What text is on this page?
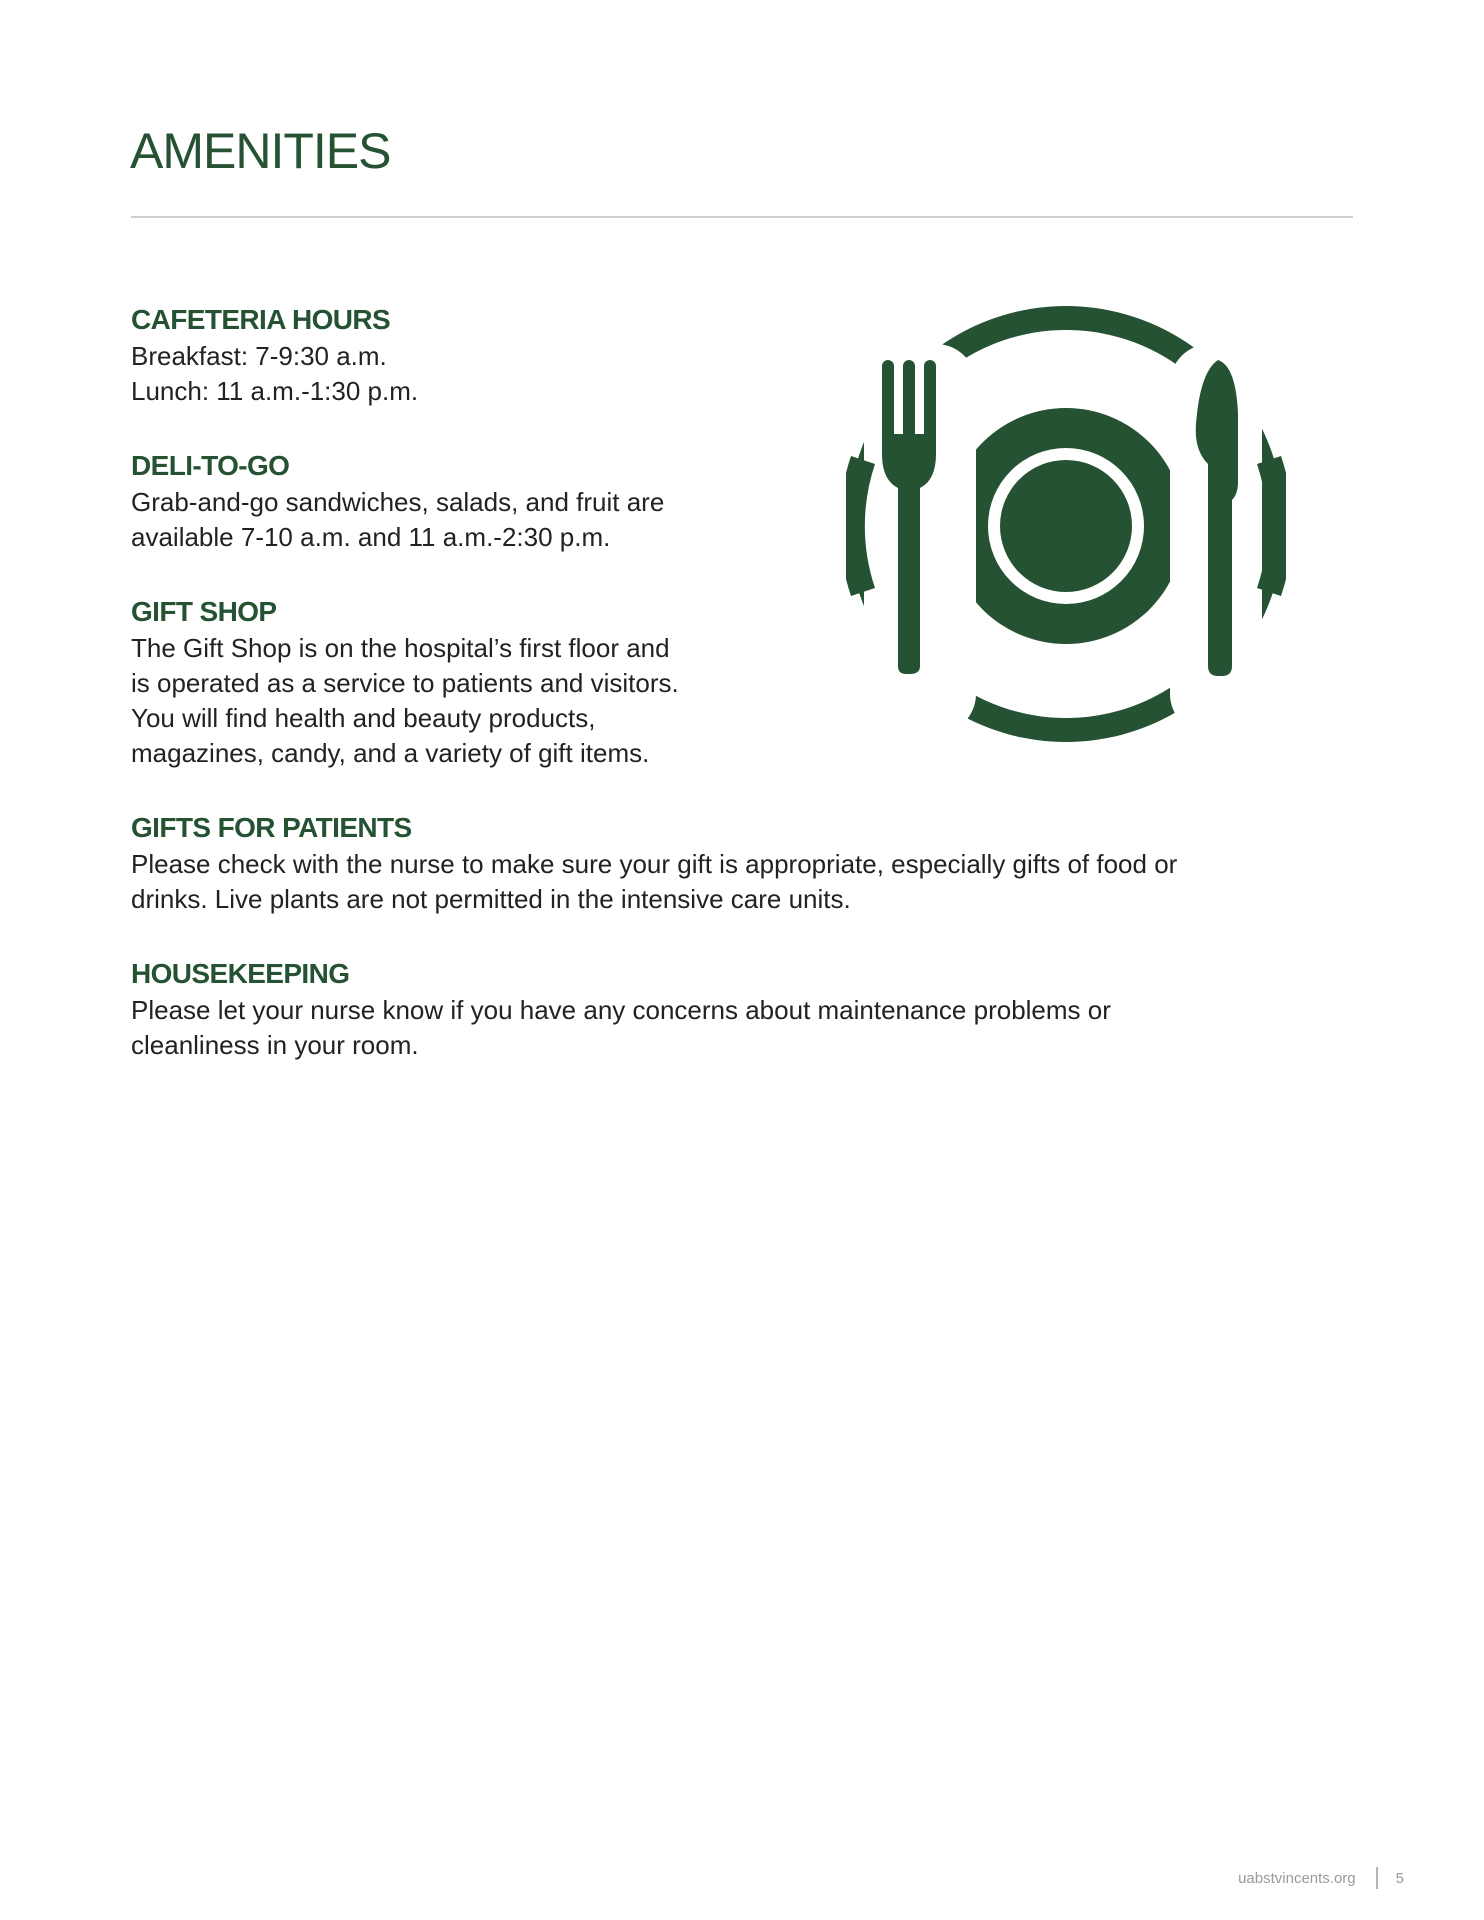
AMENITIES
CAFETERIA HOURS

Breakfast: 7-9:30 a.m.
Lunch: 11 a.m.-1:30 p.m.

DELI-TO-GO

Grab-and-go sandwiches, salads, and fruit are
available 7-10 a.m. and 11 a.m.-2:30 p.m.

GIFT SHOP

The Gift Shop is on the hospital’s first floor and
is operated as a service to patients and visitors.
You will find health and beauty products,
magazines, candy, and a variety of gift items.

GIFTS FOR PATIENTS

Please check with the nurse to make sure your gift is appropriate, especially gifts of food or
drinks. Live plants are not permitted in the intensive care units.

HOUSEKEEPING

Please let your nurse know if you have any concerns about maintenance problems or
cleanliness in your room.

uabstvincents.org	5
